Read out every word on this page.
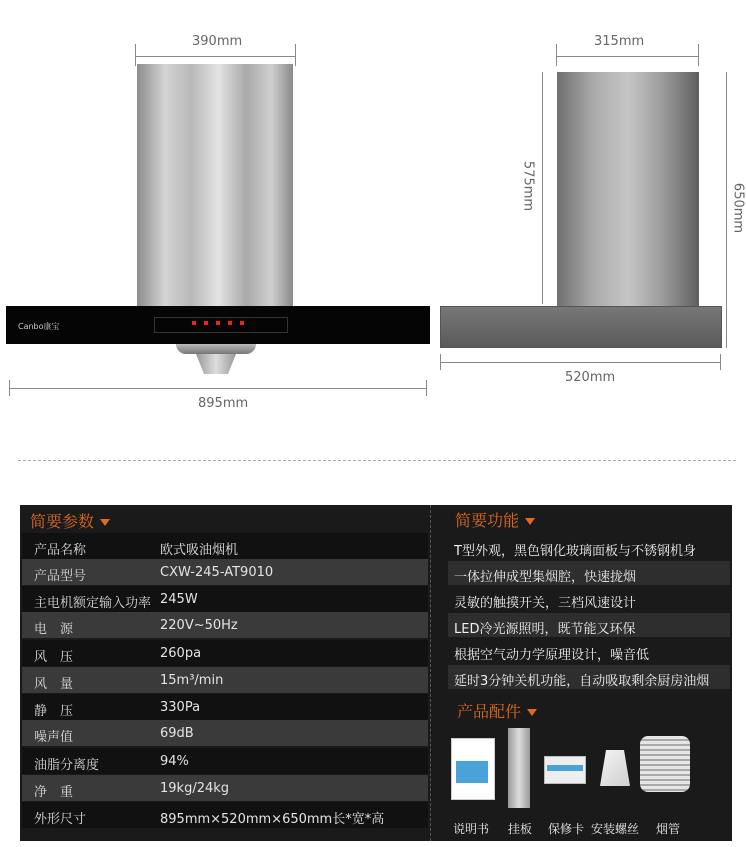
390mm
Canbo康宝
895mm
315mm
575mm	650mm
520mm
简要参数
产品名称	欧式吸油烟机
产品型号	CXW-245-AT9010
主电机额定输入功率 245W
电　源	220V~50Hz
风　压	260pa
风　量	15m³/min
静　压	330Pa
噪声值	69dB
油脂分离度	94%
净　重	19kg/24kg
外形尺寸	895mm×520mm×650mm长*宽*高
简要功能
T型外观，黑色钢化玻璃面板与不锈钢机身
一体拉伸成型集烟腔，快速拢烟
灵敏的触摸开关，三档风速设计
LED冷光源照明，既节能又环保
根据空气动力学原理设计，噪音低
延时3分钟关机功能，自动吸取剩余厨房油烟
产品配件
说明书 挂板 保修卡 安装螺丝 烟管
